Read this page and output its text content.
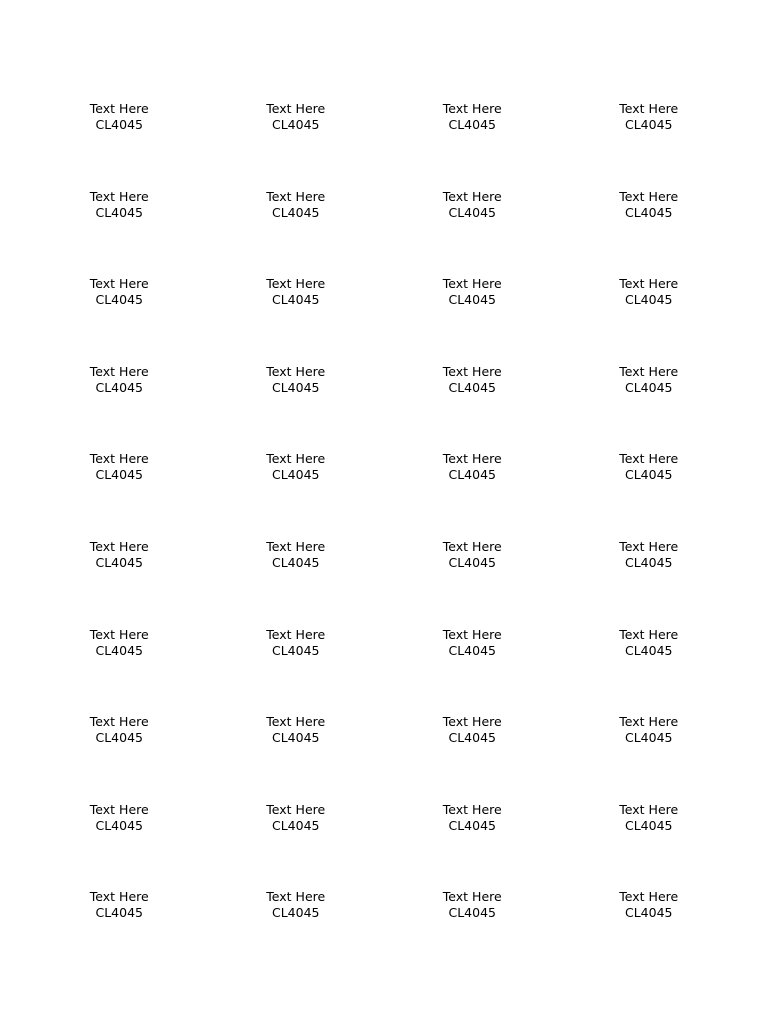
Text Here
CL4045
Text Here
CL4045
Text Here
CL4045
Text Here
CL4045
Text Here
CL4045
Text Here
CL4045
Text Here
CL4045
Text Here
CL4045
Text Here
CL4045
Text Here
CL4045
Text Here
CL4045
Text Here
CL4045
Text Here
CL4045
Text Here
CL4045
Text Here
CL4045
Text Here
CL4045
Text Here
CL4045
Text Here
CL4045
Text Here
CL4045
Text Here
CL4045
Text Here
CL4045
Text Here
CL4045
Text Here
CL4045
Text Here
CL4045
Text Here
CL4045
Text Here
CL4045
Text Here
CL4045
Text Here
CL4045
Text Here
CL4045
Text Here
CL4045
Text Here
CL4045
Text Here
CL4045
Text Here
CL4045
Text Here
CL4045
Text Here
CL4045
Text Here
CL4045
Text Here
CL4045
Text Here
CL4045
Text Here
CL4045
Text Here
CL4045
